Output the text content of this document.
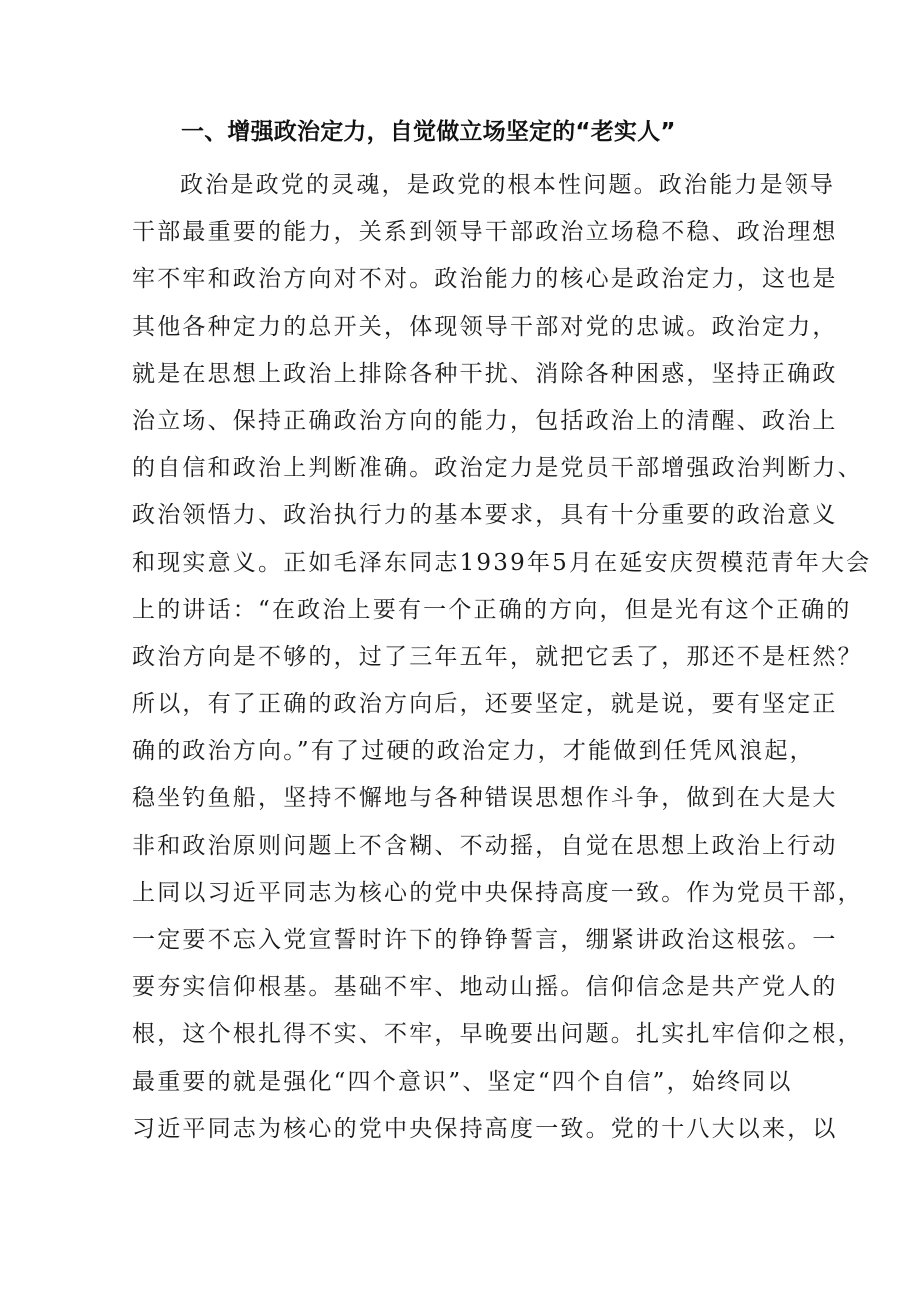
一、增强政治定力，自觉做立场坚定的“老实人”
政治是政党的灵魂，是政党的根本性问题。政治能力是领导
干部最重要的能力，关系到领导干部政治立场稳不稳、政治理想
牢不牢和政治方向对不对。政治能力的核心是政治定力，这也是
其他各种定力的总开关，体现领导干部对党的忠诚。政治定力，
就是在思想上政治上排除各种干扰、消除各种困惑，坚持正确政
治立场、保持正确政治方向的能力，包括政治上的清醒、政治上
的自信和政治上判断准确。政治定力是党员干部增强政治判断力、
政治领悟力、政治执行力的基本要求，具有十分重要的政治意义
和现实意义。正如毛泽东同志1939年5月在延安庆贺模范青年大会
上的讲话：“在政治上要有一个正确的方向，但是光有这个正确的
政治方向是不够的，过了三年五年，就把它丢了，那还不是枉然？
所以，有了正确的政治方向后，还要坚定，就是说，要有坚定正
确的政治方向。”有了过硬的政治定力，才能做到任凭风浪起，
稳坐钓鱼船，坚持不懈地与各种错误思想作斗争，做到在大是大
非和政治原则问题上不含糊、不动摇，自觉在思想上政治上行动
上同以习近平同志为核心的党中央保持高度一致。作为党员干部，
一定要不忘入党宣誓时许下的铮铮誓言，绷紧讲政治这根弦。一
要夯实信仰根基。基础不牢、地动山摇。信仰信念是共产党人的
根，这个根扎得不实、不牢，早晚要出问题。扎实扎牢信仰之根，
最重要的就是强化“四个意识”、坚定“四个自信”，始终同以
习近平同志为核心的党中央保持高度一致。党的十八大以来，以
